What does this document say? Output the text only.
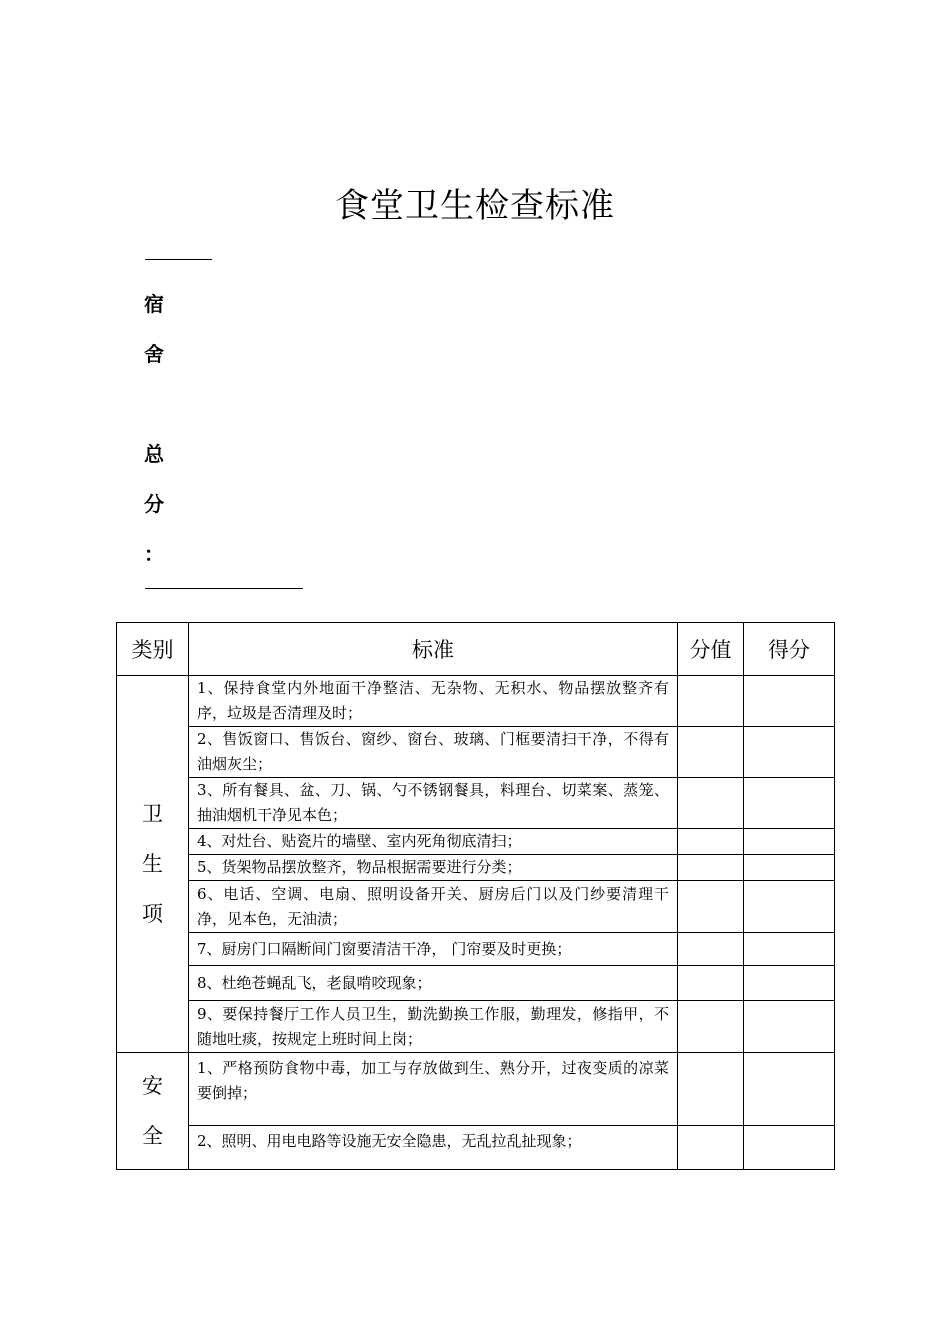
食堂卫生检查标准
宿
舍
总
分
：
类别	标准	分值	得分

卫
生
项	1、保持食堂内外地面干净整洁、无杂物、无积水、物品摆放整齐有序，垃圾是否清理及时；		
	2、售饭窗口、售饭台、窗纱、窗台、玻璃、门框要清扫干净，不得有油烟灰尘；		
	3、所有餐具、盆、刀、锅、勺不锈钢餐具，料理台、切菜案、蒸笼、抽油烟机干净见本色；		
	4、对灶台、贴瓷片的墙壁、室内死角彻底清扫；		
	5、货架物品摆放整齐，物品根据需要进行分类；		
	6、电话、空调、电扇、照明设备开关、厨房后门以及门纱要清理干净，见本色，无油渍；		
	7、厨房门口隔断间门窗要清洁干净， 门帘要及时更换；		
	8、杜绝苍蝇乱飞，老鼠啃咬现象；		
	9、要保持餐厅工作人员卫生，勤洗勤换工作服，勤理发，修指甲，不随地吐痰，按规定上班时间上岗；		

安
全	1、严格预防食物中毒，加工与存放做到生、熟分开，过夜变质的凉菜要倒掉；		
	2、照明、用电电路等设施无安全隐患，无乱拉乱扯现象；		
